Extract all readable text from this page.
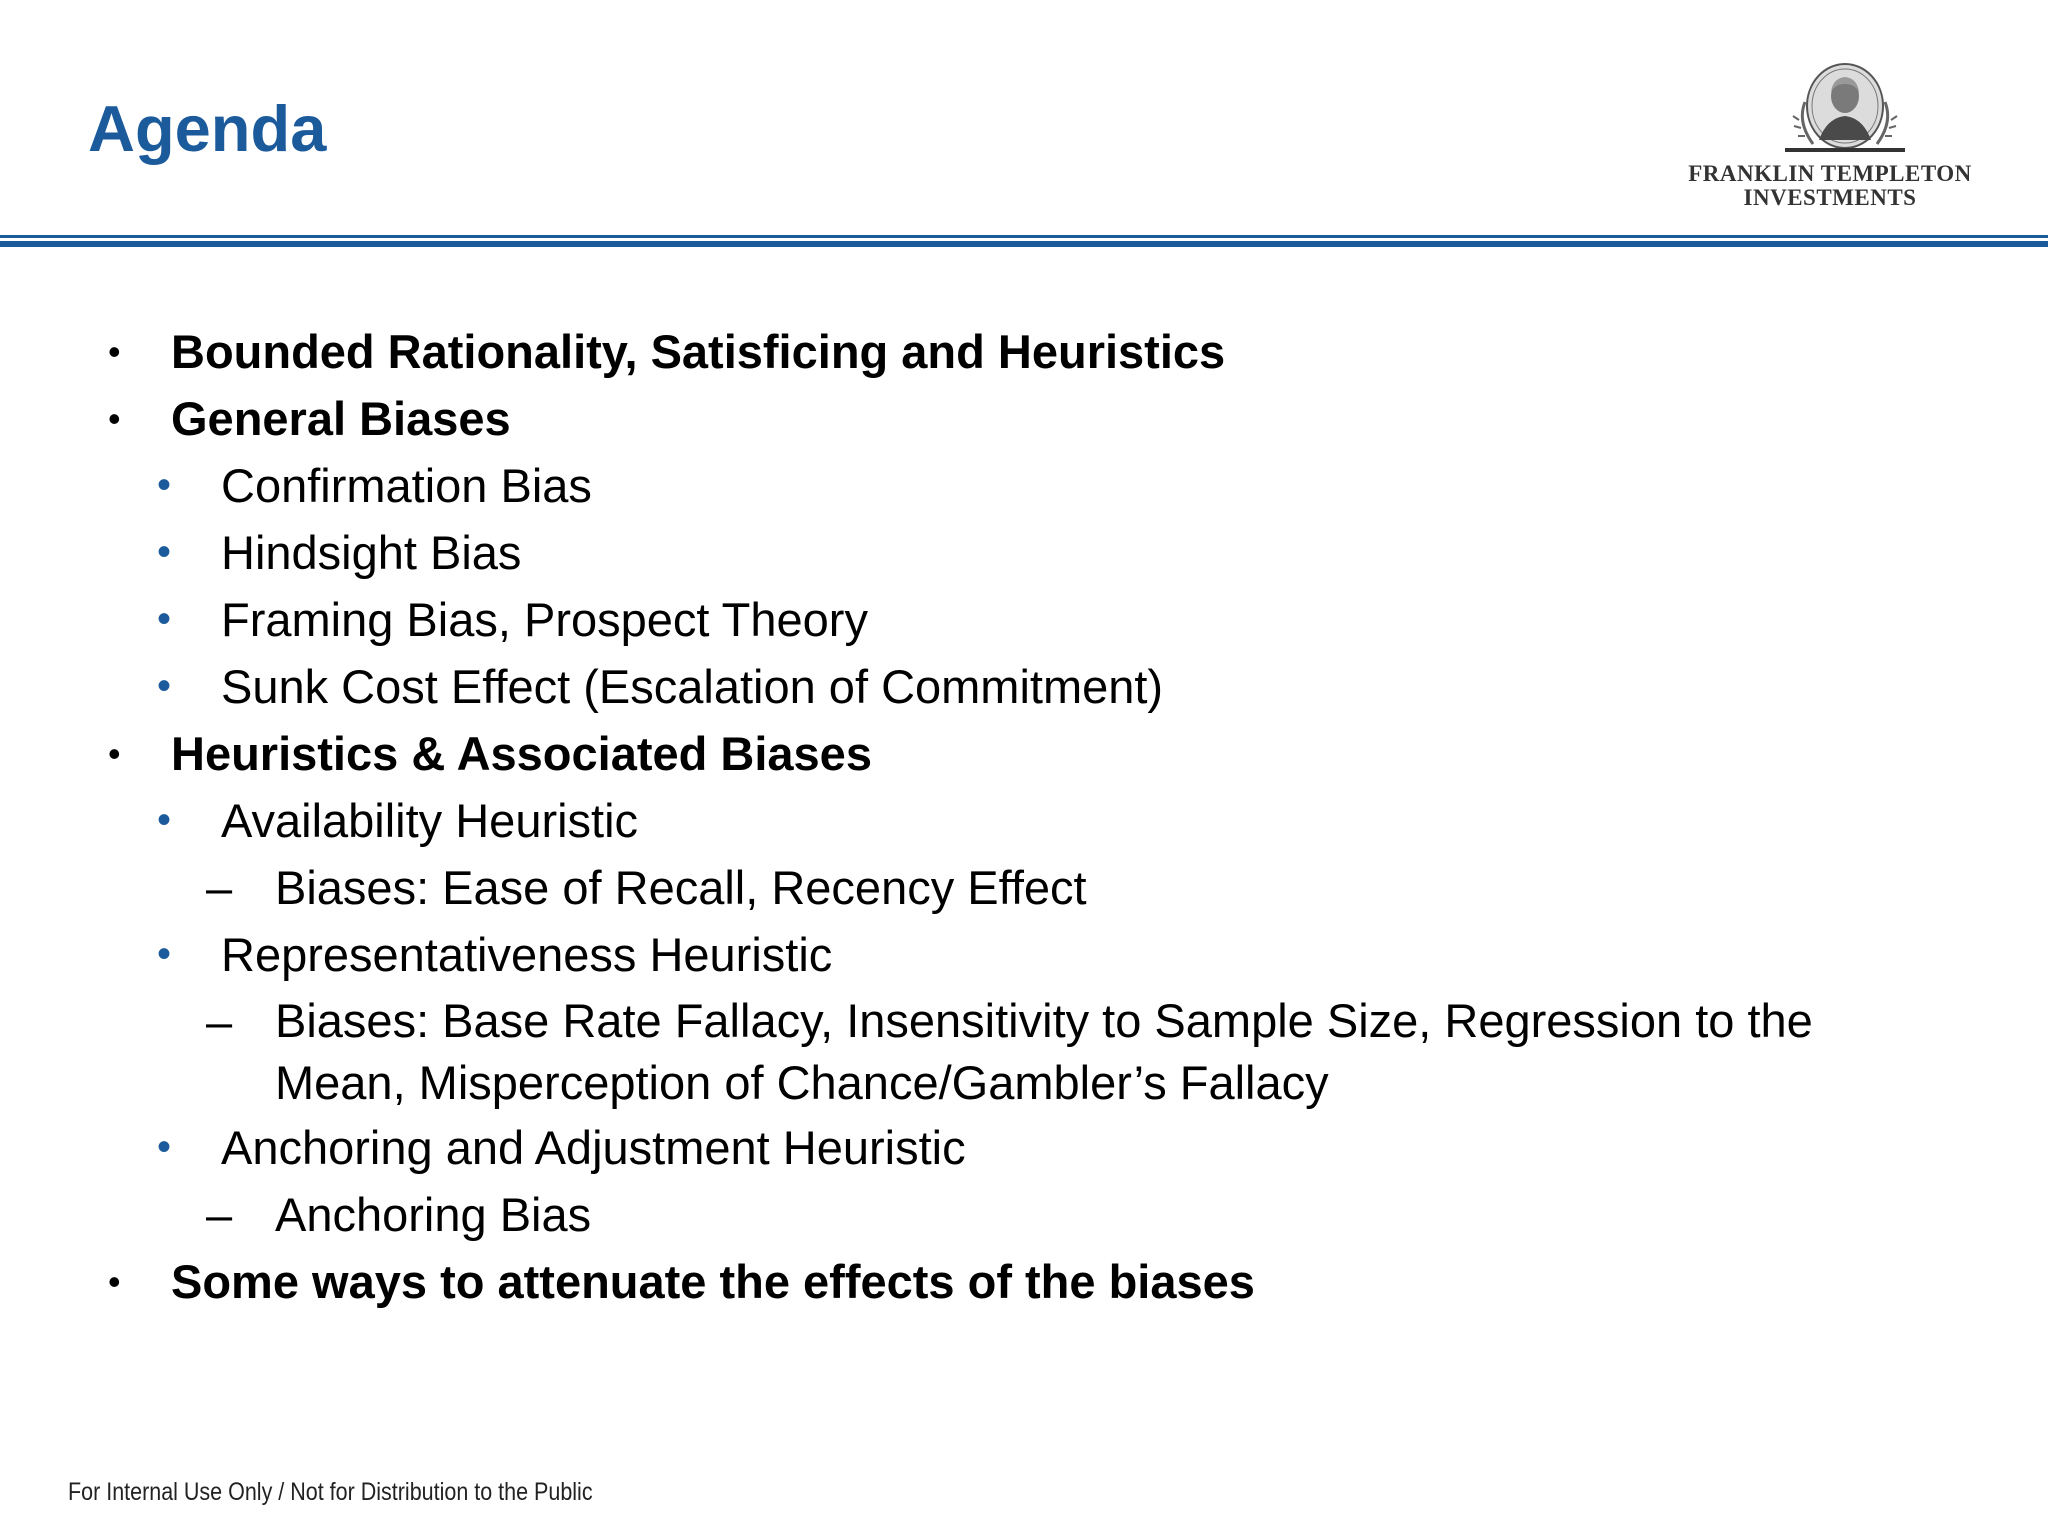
Agenda
FRANKLIN TEMPLETON
INVESTMENTS
• Bounded Rationality, Satisficing and Heuristics
• General Biases
• Confirmation Bias
• Hindsight Bias
• Framing Bias, Prospect Theory
• Sunk Cost Effect (Escalation of Commitment)
• Heuristics & Associated Biases
• Availability Heuristic
– Biases: Ease of Recall, Recency Effect
• Representativeness Heuristic
– Biases: Base Rate Fallacy, Insensitivity to Sample Size, Regression to the Mean, Misperception of Chance/Gambler’s Fallacy
• Anchoring and Adjustment Heuristic
– Anchoring Bias
• Some ways to attenuate the effects of the biases
For Internal Use Only / Not for Distribution to the Public
